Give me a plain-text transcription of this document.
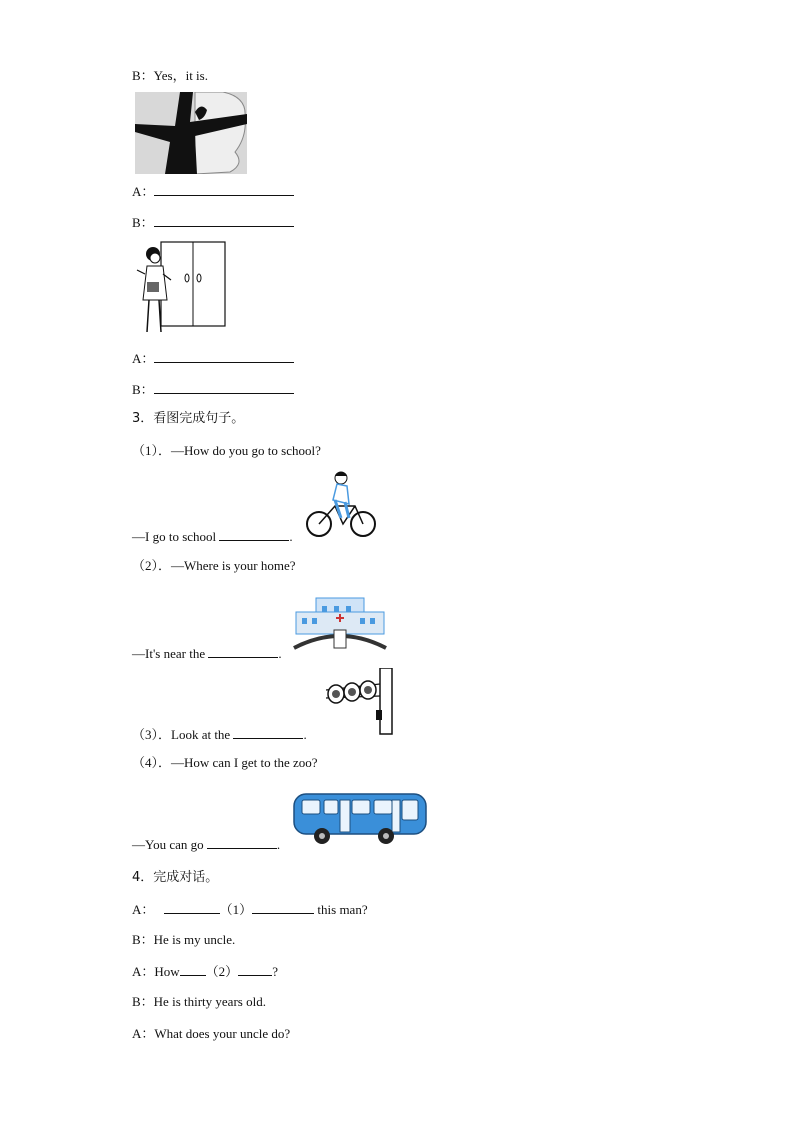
B：Yes，it is.
A：
B：
A：
B：
3．看图完成句子。
（1）．—How do you go to school?
—I go to school	.
（2）．—Where is your home?
—It's near the	.
（3）．Look at the	.
（4）．—How can I get to the zoo?
—You can go	.
4．完成对话。
A：	（1）	this man?
B：He is my uncle.
A：How （2）	?
B：He is thirty years old.
A：What does your uncle do?
